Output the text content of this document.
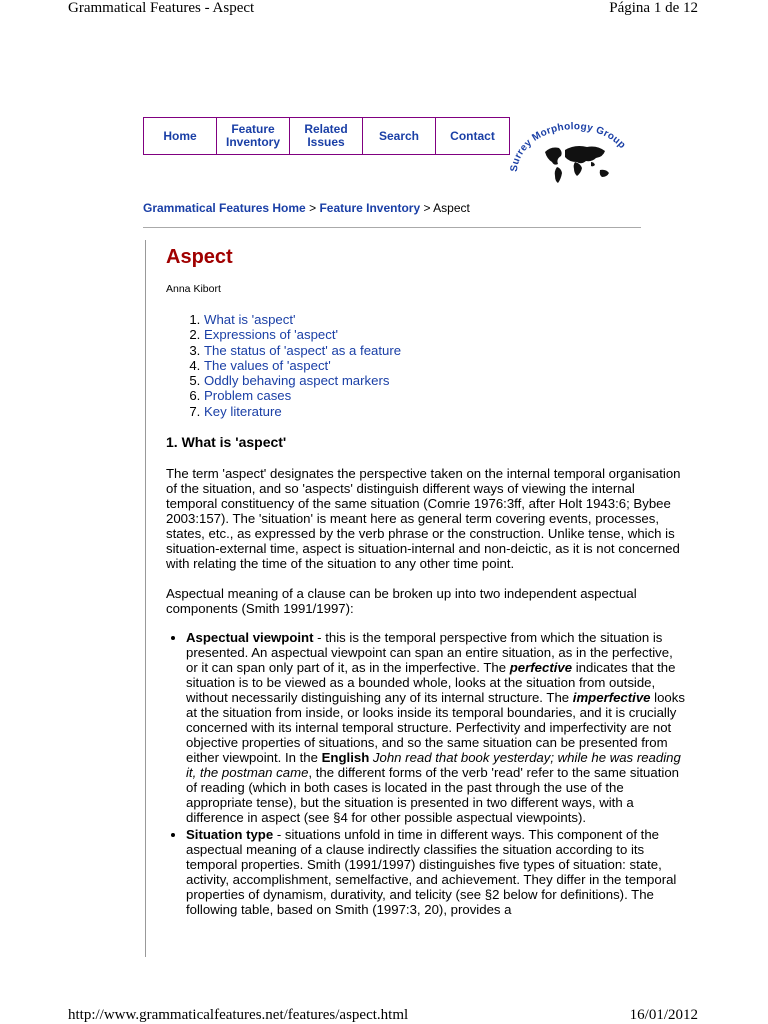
Grammatical Features - Aspect	Página 1 de 12
Home	Feature Inventory
Related Issues	Search	Contact
Surrey Morphology Group
Grammatical Features Home > Feature Inventory > Aspect
Aspect
Anna Kibort
1. What is 'aspect'
2. Expressions of 'aspect'
3. The status of 'aspect' as a feature
4. The values of 'aspect'
5. Oddly behaving aspect markers
6. Problem cases
7. Key literature
1. What is 'aspect'

The term 'aspect' designates the perspective taken on the internal temporal organisation of the situation, and so 'aspects' distinguish different ways of viewing the internal temporal constituency of the same situation (Comrie 1976:3ff, after Holt 1943:6; Bybee 2003:157). The 'situation' is meant here as general term covering events, processes, states, etc., as expressed by the verb phrase or the construction. Unlike tense, which is situation-external time, aspect is situation-internal and non-deictic, as it is not concerned with relating the time of the situation to any other time point.

Aspectual meaning of a clause can be broken up into two independent aspectual components (Smith 1991/1997):

• Aspectual viewpoint - this is the temporal perspective from which the situation is presented. An aspectual viewpoint can span an entire situation, as in the perfective, or it can span only part of it, as in the imperfective. The perfective indicates that the situation is to be viewed as a bounded whole, looks at the situation from outside, without necessarily distinguishing any of its internal structure. The imperfective looks at the situation from inside, or looks inside its temporal boundaries, and it is crucially concerned with its internal temporal structure. Perfectivity and imperfectivity are not objective properties of situations, and so the same situation can be presented from either viewpoint. In the English John read that book yesterday; while he was reading it, the postman came, the different forms of the verb 'read' refer to the same situation of reading (which in both cases is located in the past through the use of the appropriate tense), but the situation is presented in two different ways, with a difference in aspect (see §4 for other possible aspectual viewpoints).
• Situation type - situations unfold in time in different ways. This component of the aspectual meaning of a clause indirectly classifies the situation according to its temporal properties. Smith (1991/1997) distinguishes five types of situation: state, activity, accomplishment, semelfactive, and achievement. They differ in the temporal properties of dynamism, durativity, and telicity (see §2 below for definitions). The following table, based on Smith (1997:3, 20), provides a
http://www.grammaticalfeatures.net/features/aspect.html	16/01/2012
